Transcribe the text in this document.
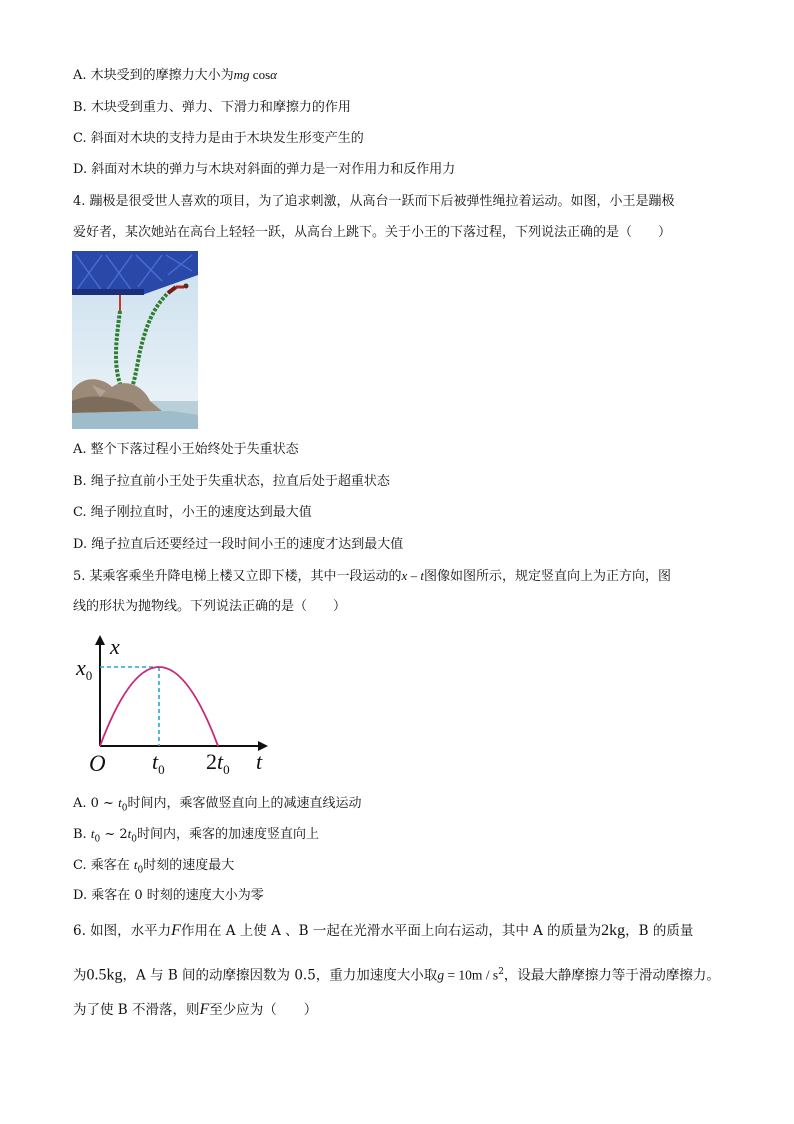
A. 木块受到的摩擦力大小为mg cosα
B. 木块受到重力、弹力、下滑力和摩擦力的作用
C. 斜面对木块的支持力是由于木块发生形变产生的
D. 斜面对木块的弹力与木块对斜面的弹力是一对作用力和反作用力
4. 蹦极是很受世人喜欢的项目，为了追求刺激，从高台一跃而下后被弹性绳拉着运动。如图，小王是蹦极
爱好者，某次她站在高台上轻轻一跃，从高台上跳下。关于小王的下落过程，下列说法正确的是（　　）
A. 整个下落过程小王始终处于失重状态
B. 绳子拉直前小王处于失重状态，拉直后处于超重状态
C. 绳子刚拉直时，小王的速度达到最大值
D. 绳子拉直后还要经过一段时间小王的速度才达到最大值
5. 某乘客乘坐升降电梯上楼又立即下楼，其中一段运动的x – t图像如图所示，规定竖直向上为正方向，图
线的形状为抛物线。下列说法正确的是（　　）
x
$x_0$
O $t_0$ $2t_0$ t
A. 0 ~ $t_0$时间内，乘客做竖直向上的减速直线运动
B. $t_0$ ~ $2t_0$时间内，乘客的加速度竖直向上
C. 乘客在 $t_0$时刻的速度最大
D. 乘客在 0 时刻的速度大小为零
6. 如图，水平力F作用在 A 上使 A 、B 一起在光滑水平面上向右运动，其中 A 的质量为2kg，B 的质量
为0.5kg，A 与 B 间的动摩擦因数为 0.5，重力加速度大小取$g = 10m / s^2$，设最大静摩擦力等于滑动摩擦力。
为了使 B 不滑落，则F至少应为（　　）
